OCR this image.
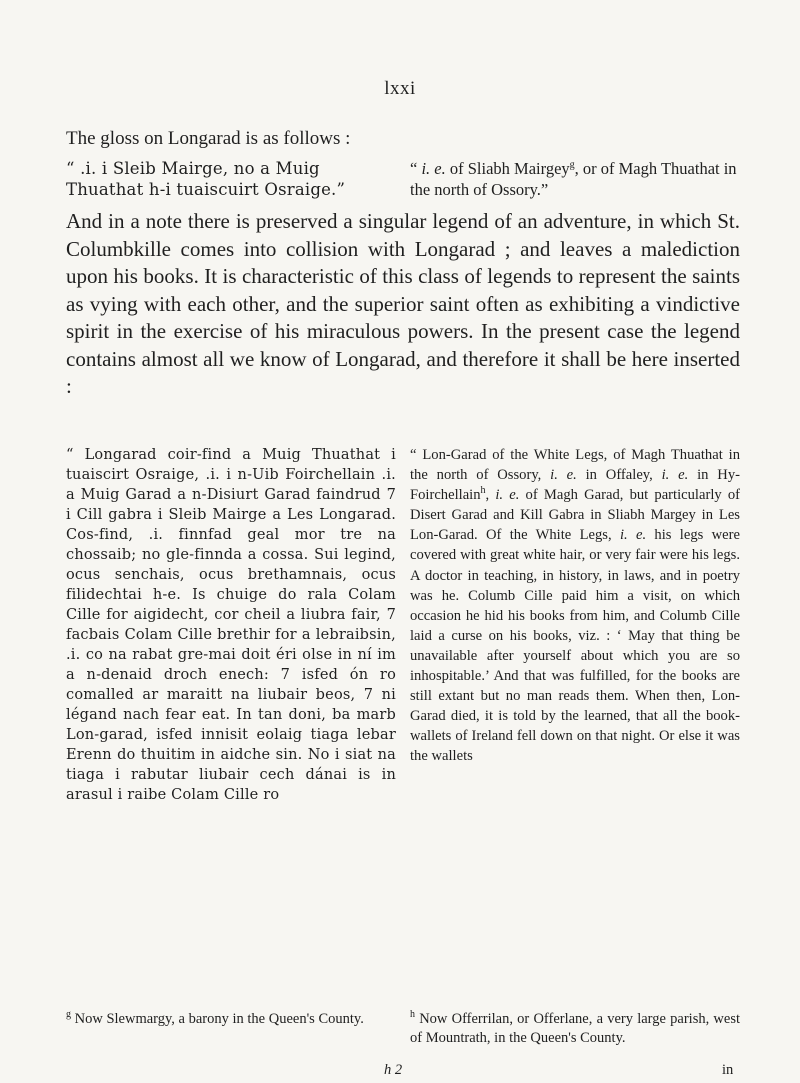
lxxi
The gloss on Longarad is as follows :
“ .i. i Sleib Mairge, no a Muig Thuathat h-i tuaiscuirt Osraige.”
“ i. e. of Sliabh Mairgey$^g$, or of Magh Thuathat in the north of Ossory.”

And in a note there is preserved a singular legend of an adventure, in which St. Columbkille comes into collision with Longarad ; and leaves a malediction upon his books. It is characteristic of this class of legends to represent the saints as vying with each other, and the superior saint often as exhibiting a vindictive spirit in the exercise of his miraculous powers. In the present case the legend contains almost all we know of Longarad, and therefore it shall be here inserted :

“ Longarad coir-find a Muig Thuathat i tuaiscirt Osraige, .i. i n-Uib Foirchellain .i. a Muig Garad a n-Disiurt Garad faindrud 7 i Cill gabra i Sleib Mairge a Les Longarad. Cos-find, .i. finnfad geal mor tre na chossaib; no gle-finnda a cossa. Sui legind, ocus senchais, ocus brethamnais, ocus filidechtai h-e. Is chuige do rala Colam Cille for aigidecht, cor cheil a liubra fair, 7 facbais Colam Cille brethir for a lebraibsin, .i. co na rabat gre-mai doit éri olse in ní im a n-denaid droch enech: 7 isfed ón ro comalled ar maraitt na liubair beos, 7 ni légand nach fear eat. In tan doni, ba marb Lon-garad, isfed innisit eolaig tiaga lebar Erenn do thuitim in aidche sin. No i siat na tiaga i rabutar liubair cech dánai is in arasul i raibe Colam Cille ro
“ Lon-Garad of the White Legs, of Magh Thuathat in the north of Ossory, i. e. in Offaley, i. e. in Hy-Foirchellain$^h$, i. e. of Magh Garad, but particularly of Disert Garad and Kill Gabra in Sliabh Margey in Les Lon-Garad. Of the White Legs, i. e. his legs were covered with great white hair, or very fair were his legs. A doctor in teaching, in history, in laws, and in poetry was he. Columb Cille paid him a visit, on which occasion he hid his books from him, and Columb Cille laid a curse on his books, viz. : ‘ May that thing be unavailable after yourself about which you are so inhospitable.’ And that was fulfilled, for the books are still extant but no man reads them. When then, Lon-Garad died, it is told by the learned, that all the book-wallets of Ireland fell down on that night. Or else it was the wallets
$^g$ Now Slewmargy, a barony in the Queen's County.	$^h$ Now Offerrilan, or Offerlane, a very large parish, west of Mountrath, in the Queen's County.
h 2	in
